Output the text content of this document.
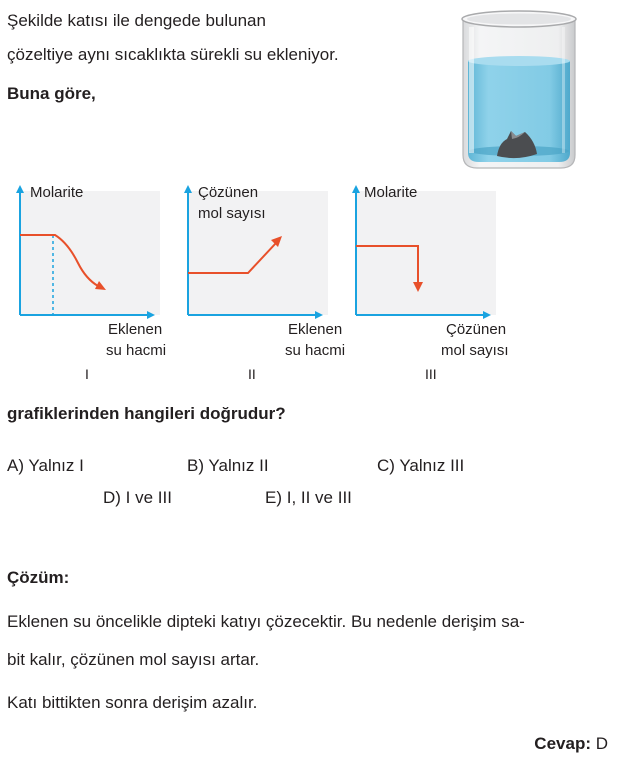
Şekilde katısı ile dengede bulunan
çözeltiye aynı sıcaklıkta sürekli su ekleniyor.
Buna göre,
Molarite
Eklenen
su hacmi
I
Çözünen
mol sayısı
Eklenen
su hacmi
II
Molarite
Çözünen
mol sayısı
III
grafiklerinden hangileri doğrudur?
A) Yalnız I	B) Yalnız II	C) Yalnız III
D) I ve III	E) I, II ve III
Çözüm:
Eklenen su öncelikle dipteki katıyı çözecektir. Bu nedenle derişim sa-
bit kalır, çözünen mol sayısı artar.
Katı bittikten sonra derişim azalır.
Cevap: D
